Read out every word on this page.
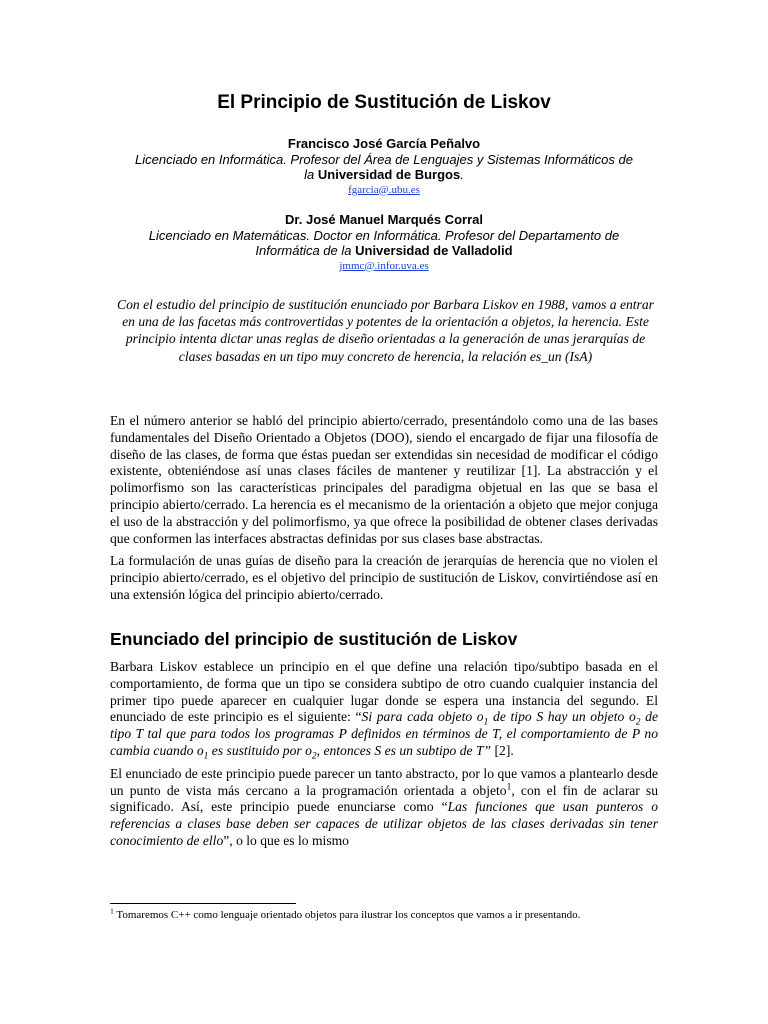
El Principio de Sustitución de Liskov
Francisco José García Peñalvo
Licenciado en Informática. Profesor del Área de Lenguajes y Sistemas Informáticos de
la Universidad de Burgos.
fgarcia@.ubu.es
Dr. José Manuel Marqués Corral
Licenciado en Matemáticas. Doctor en Informática. Profesor del Departamento de
Informática de la Universidad de Valladolid
jmmc@.infor.uva.es
Con el estudio del principio de sustitución enunciado por Barbara Liskov en 1988, vamos a entrar en una de las facetas más controvertidas y potentes de la orientación a objetos, la herencia. Este principio intenta dictar unas reglas de diseño orientadas a la generación de unas jerarquías de clases basadas en un tipo muy concreto de herencia, la relación es_un (IsA)

En el número anterior se habló del principio abierto/cerrado, presentándolo como una de las bases fundamentales del Diseño Orientado a Objetos (DOO), siendo el encargado de fijar una filosofía de diseño de las clases, de forma que éstas puedan ser extendidas sin necesidad de modificar el código existente, obteniéndose así unas clases fáciles de mantener y reutilizar [1]. La abstracción y el polimorfismo son las características principales del paradigma objetual en las que se basa el principio abierto/cerrado. La herencia es el mecanismo de la orientación a objeto que mejor conjuga el uso de la abstracción y del polimorfismo, ya que ofrece la posibilidad de obtener clases derivadas que conformen las interfaces abstractas definidas por sus clases base abstractas.

La formulación de unas guías de diseño para la creación de jerarquías de herencia que no violen el principio abierto/cerrado, es el objetivo del principio de sustitución de Liskov, convirtiéndose así en una extensión lógica del principio abierto/cerrado.

Enunciado del principio de sustitución de Liskov

Barbara Liskov establece un principio en el que define una relación tipo/subtipo basada en el comportamiento, de forma que un tipo se considera subtipo de otro cuando cualquier instancia del primer tipo puede aparecer en cualquier lugar donde se espera una instancia del segundo. El enunciado de este principio es el siguiente: “Si para cada objeto $o_1$ de tipo S hay un objeto $o_2$ de tipo T tal que para todos los programas P definidos en términos de T, el comportamiento de P no cambia cuando $o_1$ es sustituido por $o_2$, entonces S es un subtipo de T” [2].

El enunciado de este principio puede parecer un tanto abstracto, por lo que vamos a plantearlo desde un punto de vista más cercano a la programación orientada a objeto$^1$, con el fin de aclarar su significado. Así, este principio puede enunciarse como “Las funciones que usan punteros o referencias a clases base deben ser capaces de utilizar objetos de las clases derivadas sin tener conocimiento de ello”, o lo que es lo mismo

$^1$ Tomaremos C++ como lenguaje orientado objetos para ilustrar los conceptos que vamos a ir presentando.
